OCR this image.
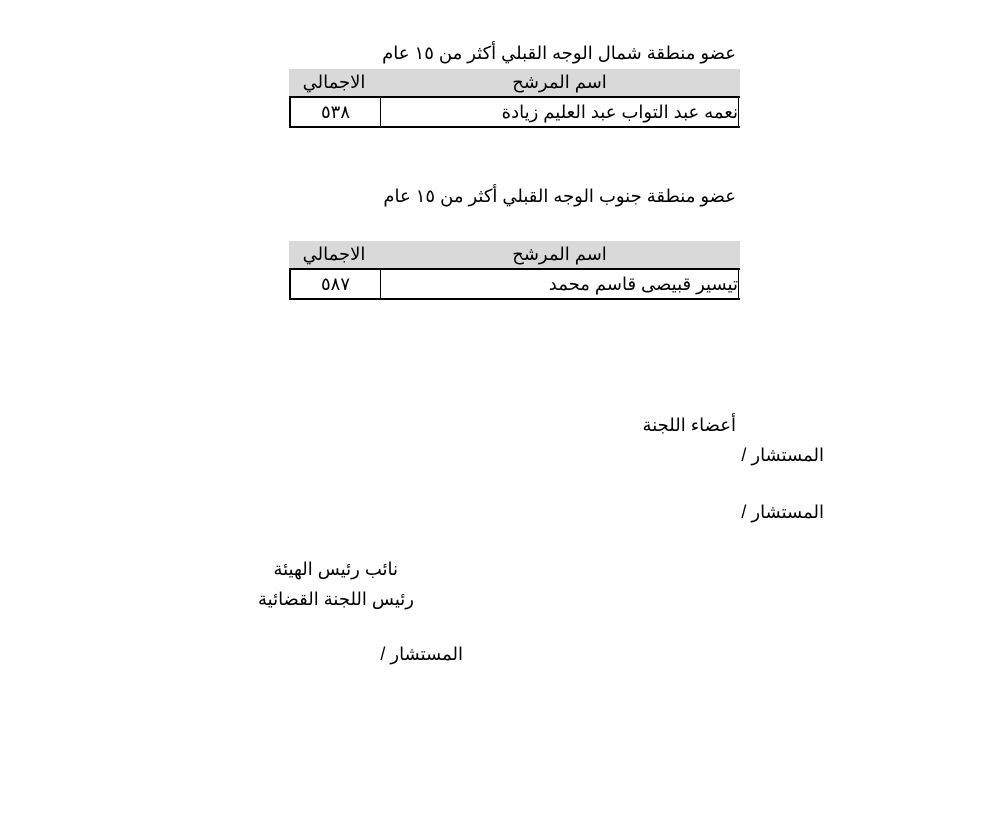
عضو منطقة شمال الوجه القبلي أكثر من ١٥ عام
اسم المرشح
الاجمالي
٥٣٨	نعمه عبد التواب عبد العليم زيادة
عضو منطقة جنوب الوجه القبلي أكثر من ١٥ عام
اسم المرشح
الاجمالي
٥٨٧	تيسير قبيصى قاسم محمد
أعضاء اللجنة
المستشار /
المستشار /
نائب رئيس الهيئة
رئيس اللجنة القضائية
المستشار /
